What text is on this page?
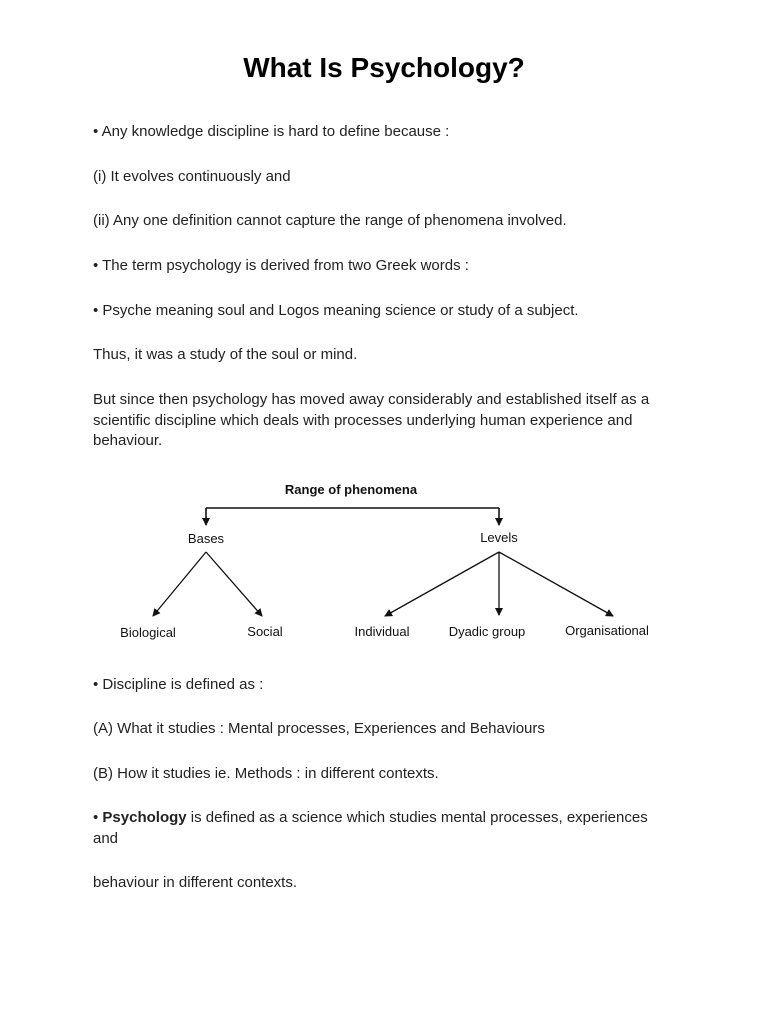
What Is Psychology?

• Any knowledge discipline is hard to define because :

(i) It evolves continuously and

(ii) Any one definition cannot capture the range of phenomena involved.

• The term psychology is derived from two Greek words :

• Psyche meaning soul and Logos meaning science or study of a subject.

Thus, it was a study of the soul or mind.

But since then psychology has moved away considerably and established itself as a scientific discipline which deals with processes underlying human experience and behaviour.

Range of phenomena
Bases	Levels
Biological	Social	Individual	Dyadic group	Organisational

• Discipline is defined as :

(A) What it studies : Mental processes, Experiences and Behaviours

(B) How it studies ie. Methods : in different contexts.

• Psychology is defined as a science which studies mental processes, experiences and

behaviour in different contexts.
